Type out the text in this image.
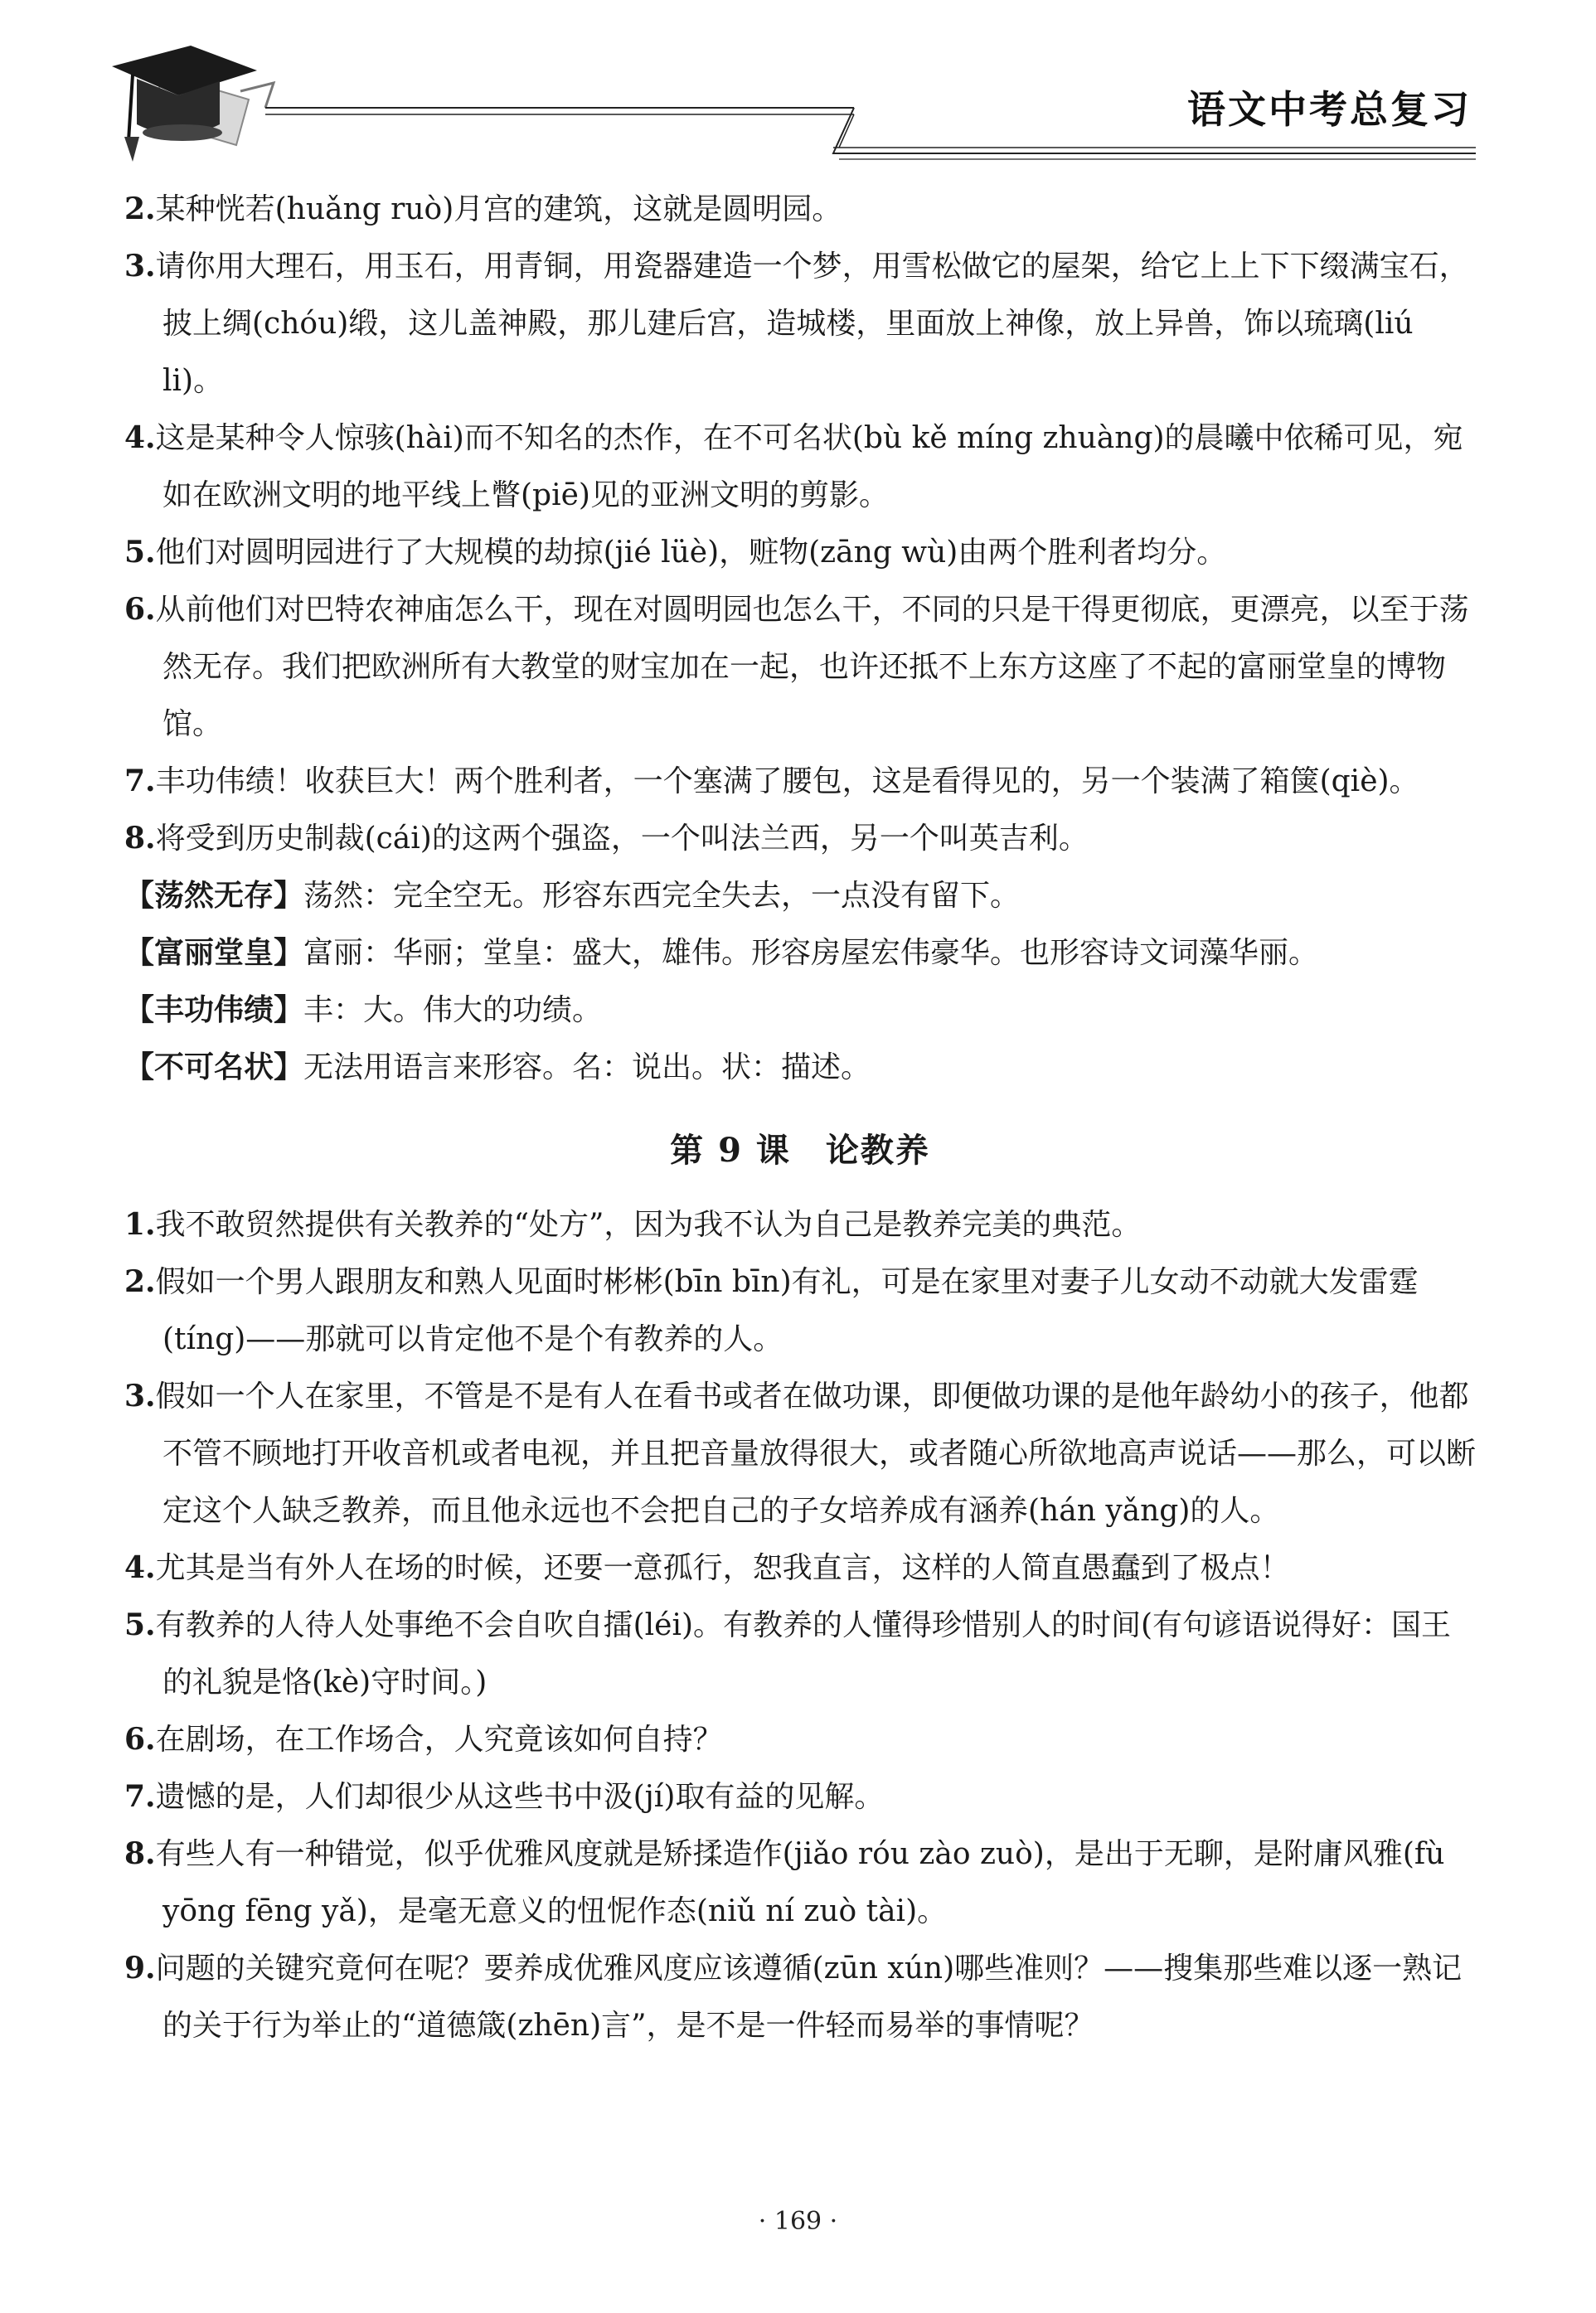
语文中考总复习
2.某种恍若(huǎng ruò)月宫的建筑，这就是圆明园。
3.请你用大理石，用玉石，用青铜，用瓷器建造一个梦，用雪松做它的屋架，给它上上下下缀满宝石，披上绸(chóu)缎，这儿盖神殿，那儿建后宫，造城楼，里面放上神像，放上异兽，饰以琉璃(liú li)。
4.这是某种令人惊骇(hài)而不知名的杰作，在不可名状(bù kě míng zhuàng)的晨曦中依稀可见，宛如在欧洲文明的地平线上瞥(piē)见的亚洲文明的剪影。
5.他们对圆明园进行了大规模的劫掠(jié lüè)，赃物(zāng wù)由两个胜利者均分。
6.从前他们对巴特农神庙怎么干，现在对圆明园也怎么干，不同的只是干得更彻底，更漂亮，以至于荡然无存。我们把欧洲所有大教堂的财宝加在一起，也许还抵不上东方这座了不起的富丽堂皇的博物馆。
7.丰功伟绩！收获巨大！两个胜利者，一个塞满了腰包，这是看得见的，另一个装满了箱箧(qiè)。
8.将受到历史制裁(cái)的这两个强盗，一个叫法兰西，另一个叫英吉利。
【荡然无存】荡然：完全空无。形容东西完全失去，一点没有留下。
【富丽堂皇】富丽：华丽；堂皇：盛大，雄伟。形容房屋宏伟豪华。也形容诗文词藻华丽。
【丰功伟绩】丰：大。伟大的功绩。
【不可名状】无法用语言来形容。名：说出。状：描述。
第 9 课　论教养
1.我不敢贸然提供有关教养的“处方”，因为我不认为自己是教养完美的典范。
2.假如一个男人跟朋友和熟人见面时彬彬(bīn bīn)有礼，可是在家里对妻子儿女动不动就大发雷霆(tíng)——那就可以肯定他不是个有教养的人。
3.假如一个人在家里，不管是不是有人在看书或者在做功课，即便做功课的是他年龄幼小的孩子，他都不管不顾地打开收音机或者电视，并且把音量放得很大，或者随心所欲地高声说话——那么，可以断定这个人缺乏教养，而且他永远也不会把自己的子女培养成有涵养(hán yǎng)的人。
4.尤其是当有外人在场的时候，还要一意孤行，恕我直言，这样的人简直愚蠢到了极点！
5.有教养的人待人处事绝不会自吹自擂(léi)。有教养的人懂得珍惜别人的时间(有句谚语说得好：国王的礼貌是恪(kè)守时间。)
6.在剧场，在工作场合，人究竟该如何自持？
7.遗憾的是，人们却很少从这些书中汲(jí)取有益的见解。
8.有些人有一种错觉，似乎优雅风度就是矫揉造作(jiǎo róu zào zuò)，是出于无聊，是附庸风雅(fù yōng fēng yǎ)，是毫无意义的忸怩作态(niǔ ní zuò tài)。
9.问题的关键究竟何在呢？要养成优雅风度应该遵循(zūn xún)哪些准则？——搜集那些难以逐一熟记的关于行为举止的“道德箴(zhēn)言”，是不是一件轻而易举的事情呢？
· 169 ·
